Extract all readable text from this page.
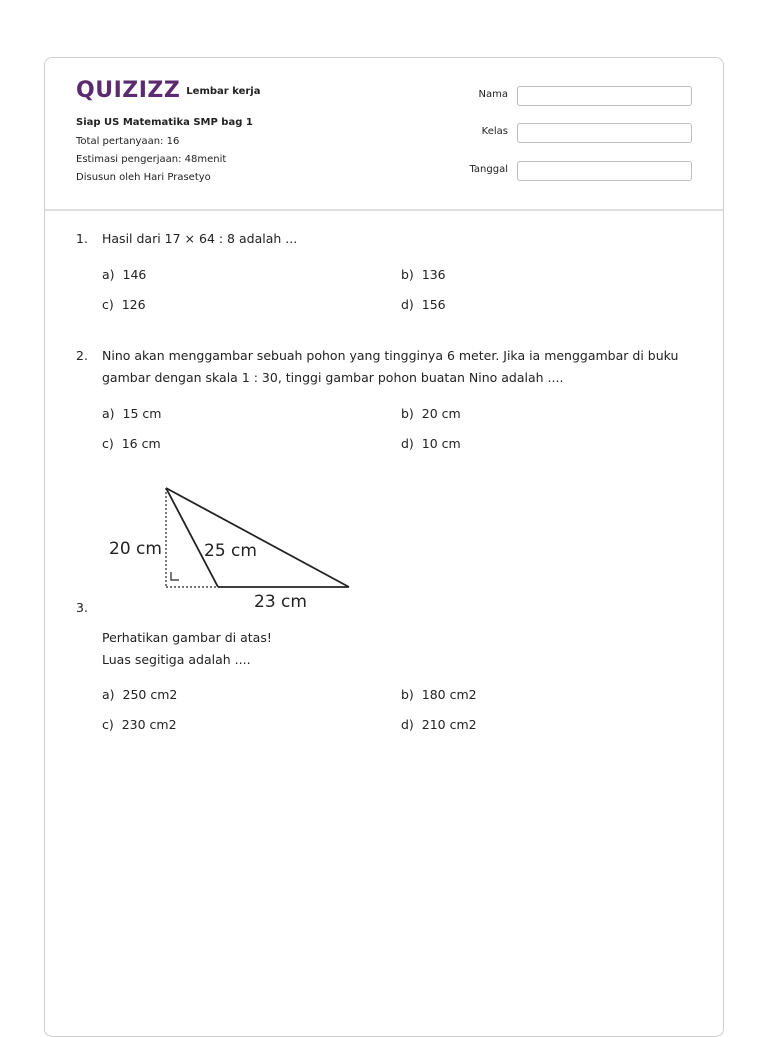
QUIZIZZ Lembar kerja
Siap US Matematika SMP bag 1
Total pertanyaan: 16
Estimasi pengerjaan: 48menit
Disusun oleh Hari Prasetyo
Nama
Kelas
Tanggal
1. Hasil dari 17 × 64 : 8 adalah ...
a) 146	b) 136
c) 126	d) 156
2. Nino akan menggambar sebuah pohon yang tingginya 6 meter. Jika ia menggambar di buku
gambar dengan skala 1 : 30, tinggi gambar pohon buatan Nino adalah ....
a) 15 cm	b) 20 cm
c) 16 cm	d) 10 cm
20 cm 25 cm
23 cm
3.
Perhatikan gambar di atas!
Luas segitiga adalah ....
a) 250 cm2	b) 180 cm2
c) 230 cm2	d) 210 cm2
